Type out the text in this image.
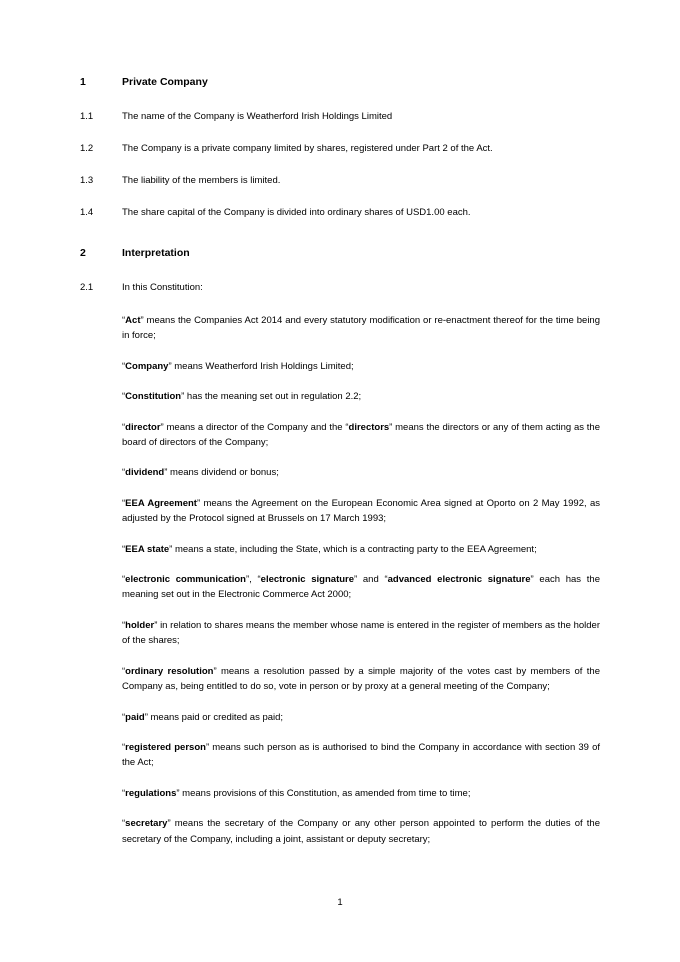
1	Private Company
1.1	The name of the Company is Weatherford Irish Holdings Limited
1.2	The Company is a private company limited by shares, registered under Part 2 of the Act.
1.3	The liability of the members is limited.
1.4	The share capital of the Company is divided into ordinary shares of USD1.00 each.
2	Interpretation
2.1	In this Constitution:

“Act” means the Companies Act 2014 and every statutory modification or re-enactment thereof for the time being in force;

“Company” means Weatherford Irish Holdings Limited;

“Constitution” has the meaning set out in regulation 2.2;

“director” means a director of the Company and the “directors” means the directors or any of them acting as the board of directors of the Company;

“dividend” means dividend or bonus;

“EEA Agreement” means the Agreement on the European Economic Area signed at Oporto on 2 May 1992, as adjusted by the Protocol signed at Brussels on 17 March 1993;

“EEA state” means a state, including the State, which is a contracting party to the EEA Agreement;

“electronic communication”, “electronic signature” and “advanced electronic signature” each has the meaning set out in the Electronic Commerce Act 2000;

“holder” in relation to shares means the member whose name is entered in the register of members as the holder of the shares;

“ordinary resolution” means a resolution passed by a simple majority of the votes cast by members of the Company as, being entitled to do so, vote in person or by proxy at a general meeting of the Company;

“paid” means paid or credited as paid;

“registered person” means such person as is authorised to bind the Company in accordance with section 39 of the Act;

“regulations” means provisions of this Constitution, as amended from time to time;

“secretary” means the secretary of the Company or any other person appointed to perform the duties of the secretary of the Company, including a joint, assistant or deputy secretary;

1
